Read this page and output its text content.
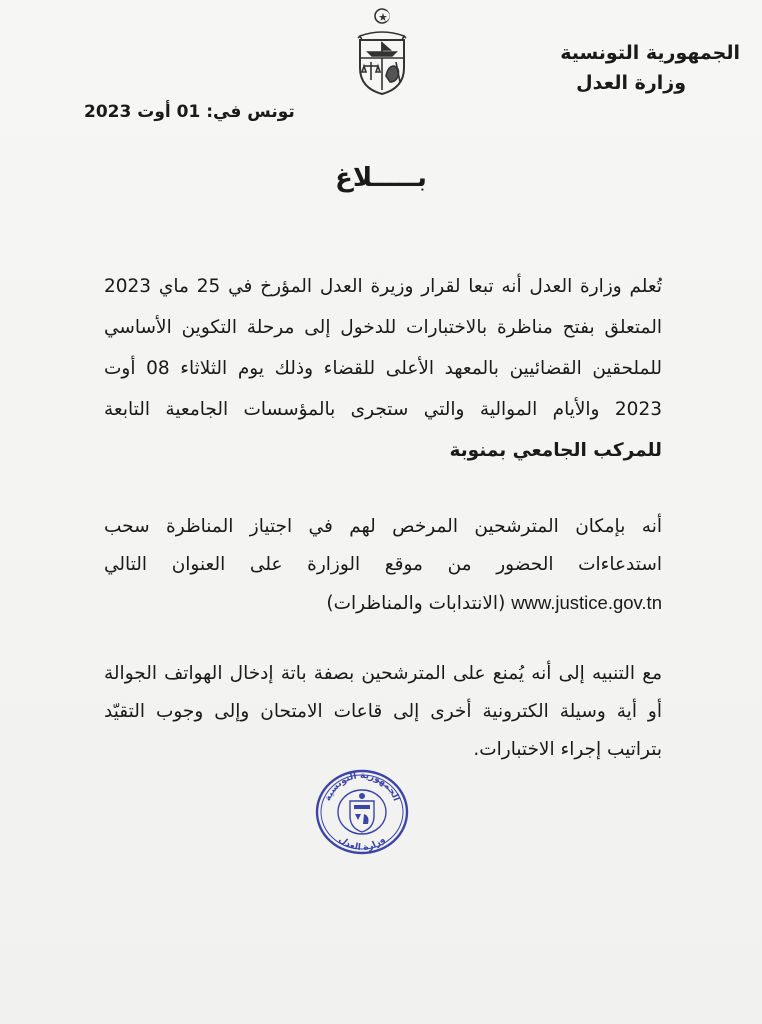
الجمهورية التونسية
وزارة العدل
تونس في: 01 أوت 2023
بـــــلاغ
تُعلم وزارة العدل أنه تبعا لقرار وزيرة العدل المؤرخ في 25 ماي 2023 المتعلق بفتح مناظرة بالاختبارات للدخول إلى مرحلة التكوين الأساسي للملحقين القضائيين بالمعهد الأعلى للقضاء وذلك يوم الثلاثاء 08 أوت 2023 والأيام الموالية والتي ستجرى بالمؤسسات الجامعية التابعة للمركب الجامعي بمنوبة
أنه بإمكان المترشحين المرخص لهم في اجتياز المناظرة سحب استدعاءات الحضور من موقع الوزارة على العنوان التالي www.justice.gov.tn (الانتدابات والمناظرات)
مع التنبيه إلى أنه يُمنع على المترشحين بصفة باتة إدخال الهواتف الجوالة أو أية وسيلة الكترونية أخرى إلى قاعات الامتحان وإلى وجوب التقيّد بتراتيب إجراء الاختبارات.
الجمهورية التونسية
وزارة العدل
